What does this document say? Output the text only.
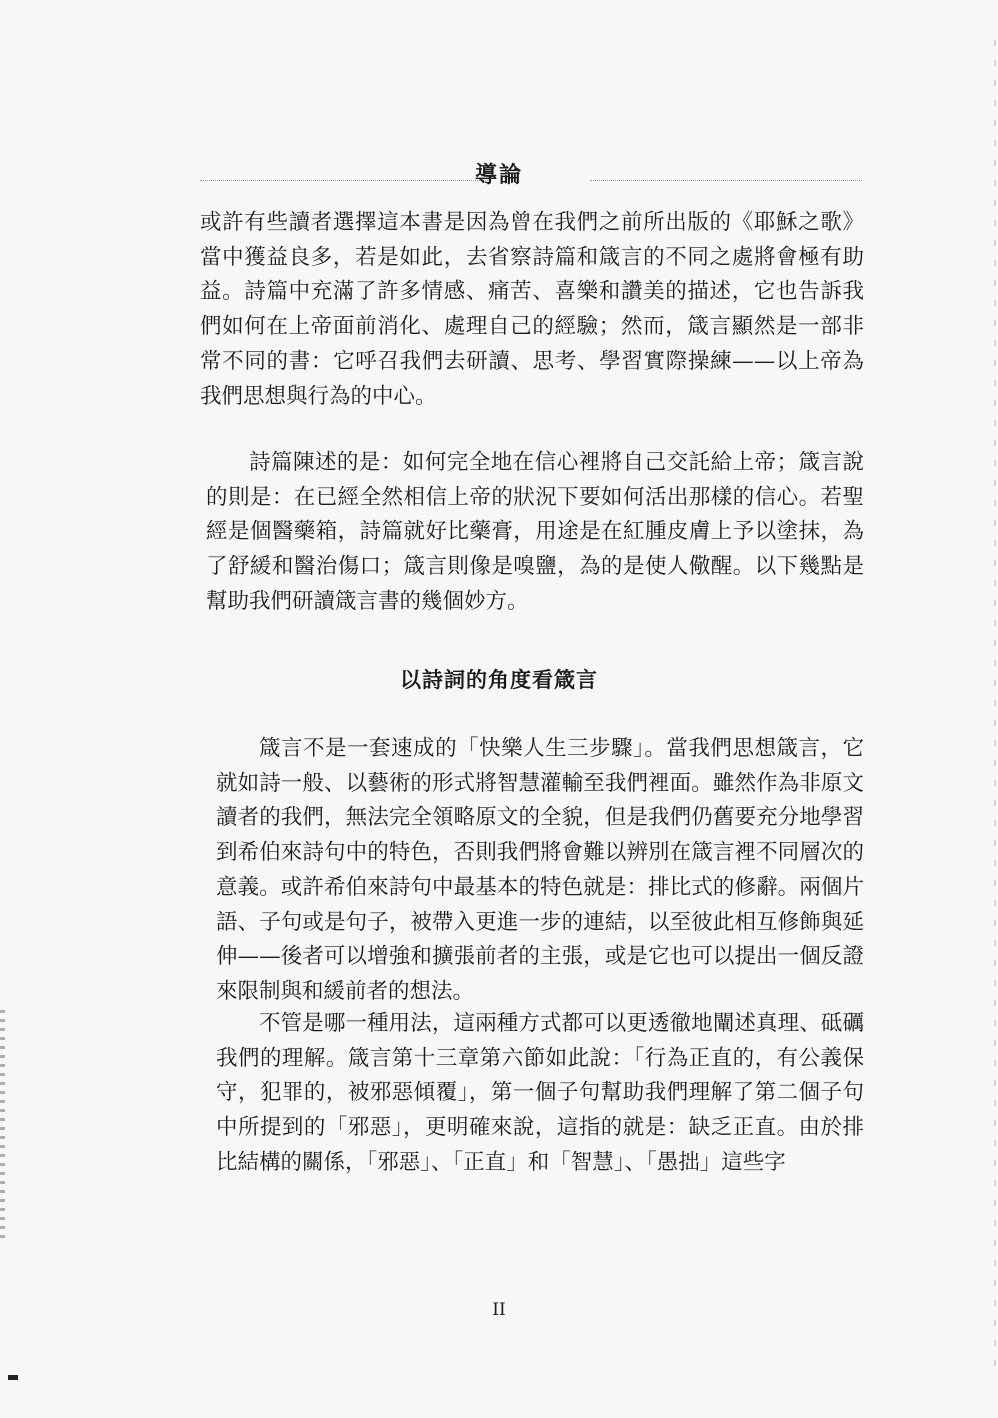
導論

或許有些讀者選擇這本書是因為曾在我們之前所出版的《耶穌之歌》當中獲益良多，若是如此，去省察詩篇和箴言的不同之處將會極有助益。詩篇中充滿了許多情感、痛苦、喜樂和讚美的描述，它也告訴我們如何在上帝面前消化、處理自己的經驗；然而，箴言顯然是一部非常不同的書：它呼召我們去研讀、思考、學習實際操練——以上帝為我們思想與行為的中心。

詩篇陳述的是：如何完全地在信心裡將自己交託給上帝；箴言說的則是：在已經全然相信上帝的狀況下要如何活出那樣的信心。若聖經是個醫藥箱，詩篇就好比藥膏，用途是在紅腫皮膚上予以塗抹，為了舒緩和醫治傷口；箴言則像是嗅鹽，為的是使人儆醒。以下幾點是幫助我們研讀箴言書的幾個妙方。

以詩詞的角度看箴言

箴言不是一套速成的「快樂人生三步驟」。當我們思想箴言，它就如詩一般、以藝術的形式將智慧灌輸至我們裡面。雖然作為非原文讀者的我們，無法完全領略原文的全貌，但是我們仍舊要充分地學習到希伯來詩句中的特色，否則我們將會難以辨別在箴言裡不同層次的意義。或許希伯來詩句中最基本的特色就是：排比式的修辭。兩個片語、子句或是句子，被帶入更進一步的連結，以至彼此相互修飾與延伸——後者可以增強和擴張前者的主張，或是它也可以提出一個反證來限制與和緩前者的想法。

不管是哪一種用法，這兩種方式都可以更透徹地闡述真理、砥礪我們的理解。箴言第十三章第六節如此說：「行為正直的，有公義保守，犯罪的，被邪惡傾覆」，第一個子句幫助我們理解了第二個子句中所提到的「邪惡」，更明確來說，這指的就是：缺乏正直。由於排比結構的關係，「邪惡」、「正直」和「智慧」、「愚拙」這些字

II
